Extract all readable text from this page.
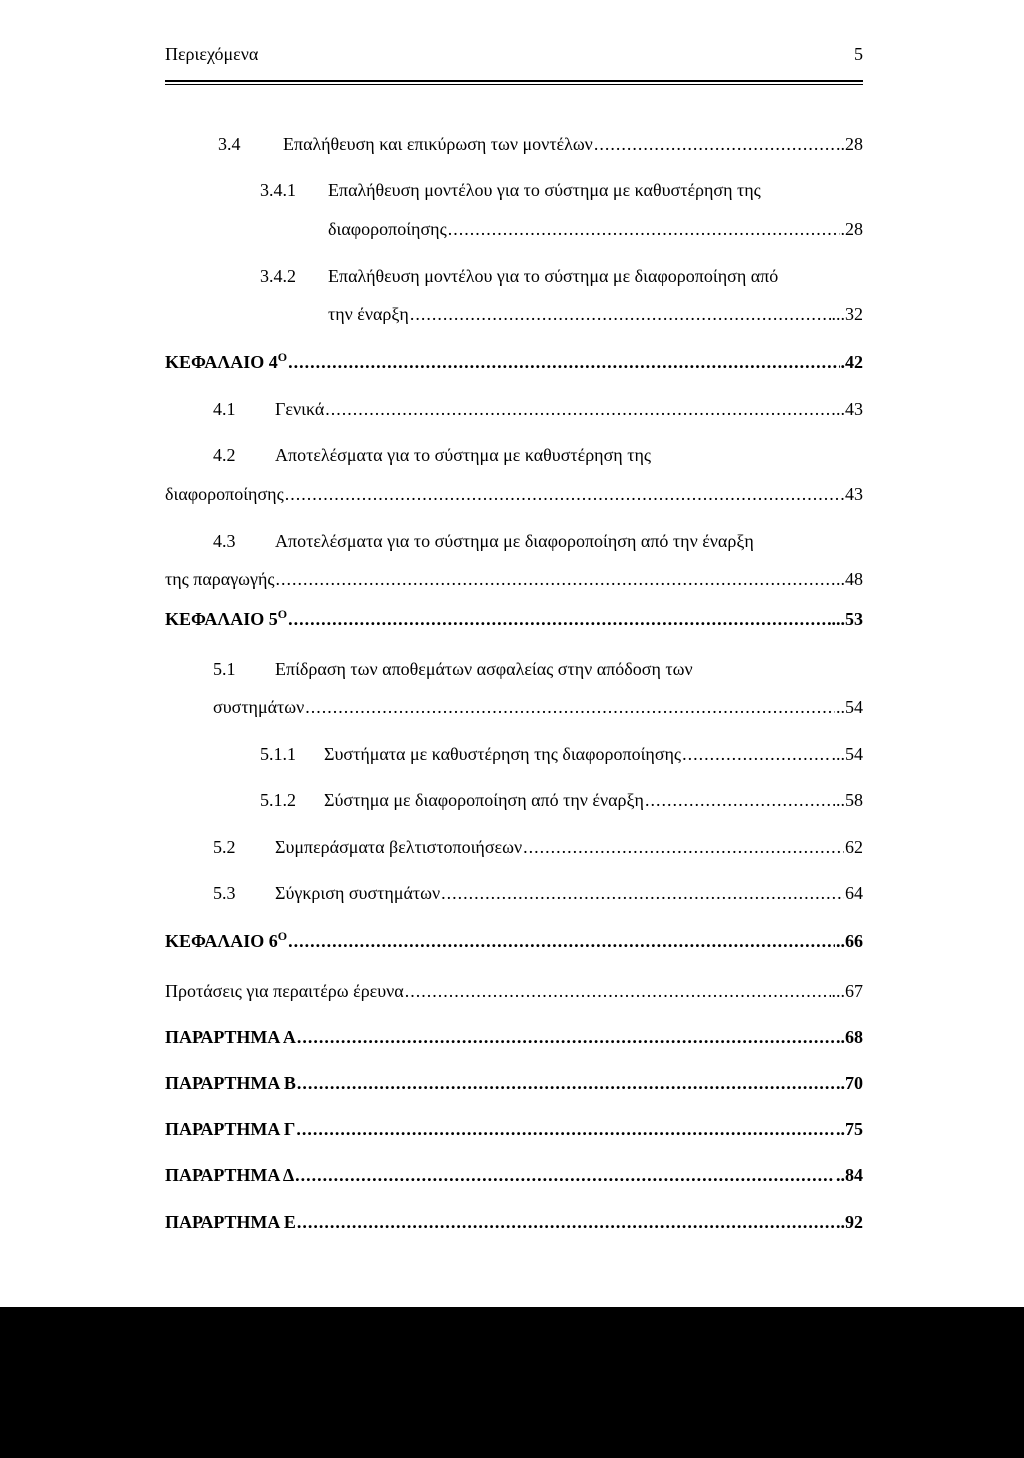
Περιεχόμενα	5
3.4 Επαλήθευση και επικύρωση των μοντέλων .....	..28
3.4.1 Επαλήθευση μοντέλου για το σύστημα με καθυστέρηση της
διαφοροποίησης .....	.28
3.4.2 Επαλήθευση μοντέλου για το σύστημα με διαφοροποίηση από
την έναρξη .....	...32
ΚΕΦΑΛΑΙΟ $4^O$ .....	.42
4.1 Γενικά .....	..43
4.2 Αποτελέσματα για το σύστημα με καθυστέρηση της
διαφοροποίησης .....	43
4.3 Αποτελέσματα για το σύστημα με διαφοροποίηση από την έναρξη
της παραγωγής .....	..48
ΚΕΦΑΛΑΙΟ $5^O$ .....	...53
5.1 Επίδραση των αποθεμάτων ασφαλείας στην απόδοση των
συστημάτων .....	..54
5.1.1 Συστήματα με καθυστέρηση της διαφοροποίησης .....	...54
5.1.2 Σύστημα με διαφοροποίηση από την έναρξη .....	..58
5.2 Συμπεράσματα βελτιστοποιήσεων .....	62
5.3 Σύγκριση συστημάτων .....	64
ΚΕΦΑΛΑΙΟ $6^O$ .....	..66
Προτάσεις για περαιτέρω έρευνα .....	...67
ΠΑΡΑΡΤΗΜΑ Α .....	..68
ΠΑΡΑΡΤΗΜΑ Β .....	..70
ΠΑΡΑΡΤΗΜΑ Γ .....	..75
ΠΑΡΑΡΤΗΜΑ Δ .....	..84
ΠΑΡΑΡΤΗΜΑ Ε .....	..92
